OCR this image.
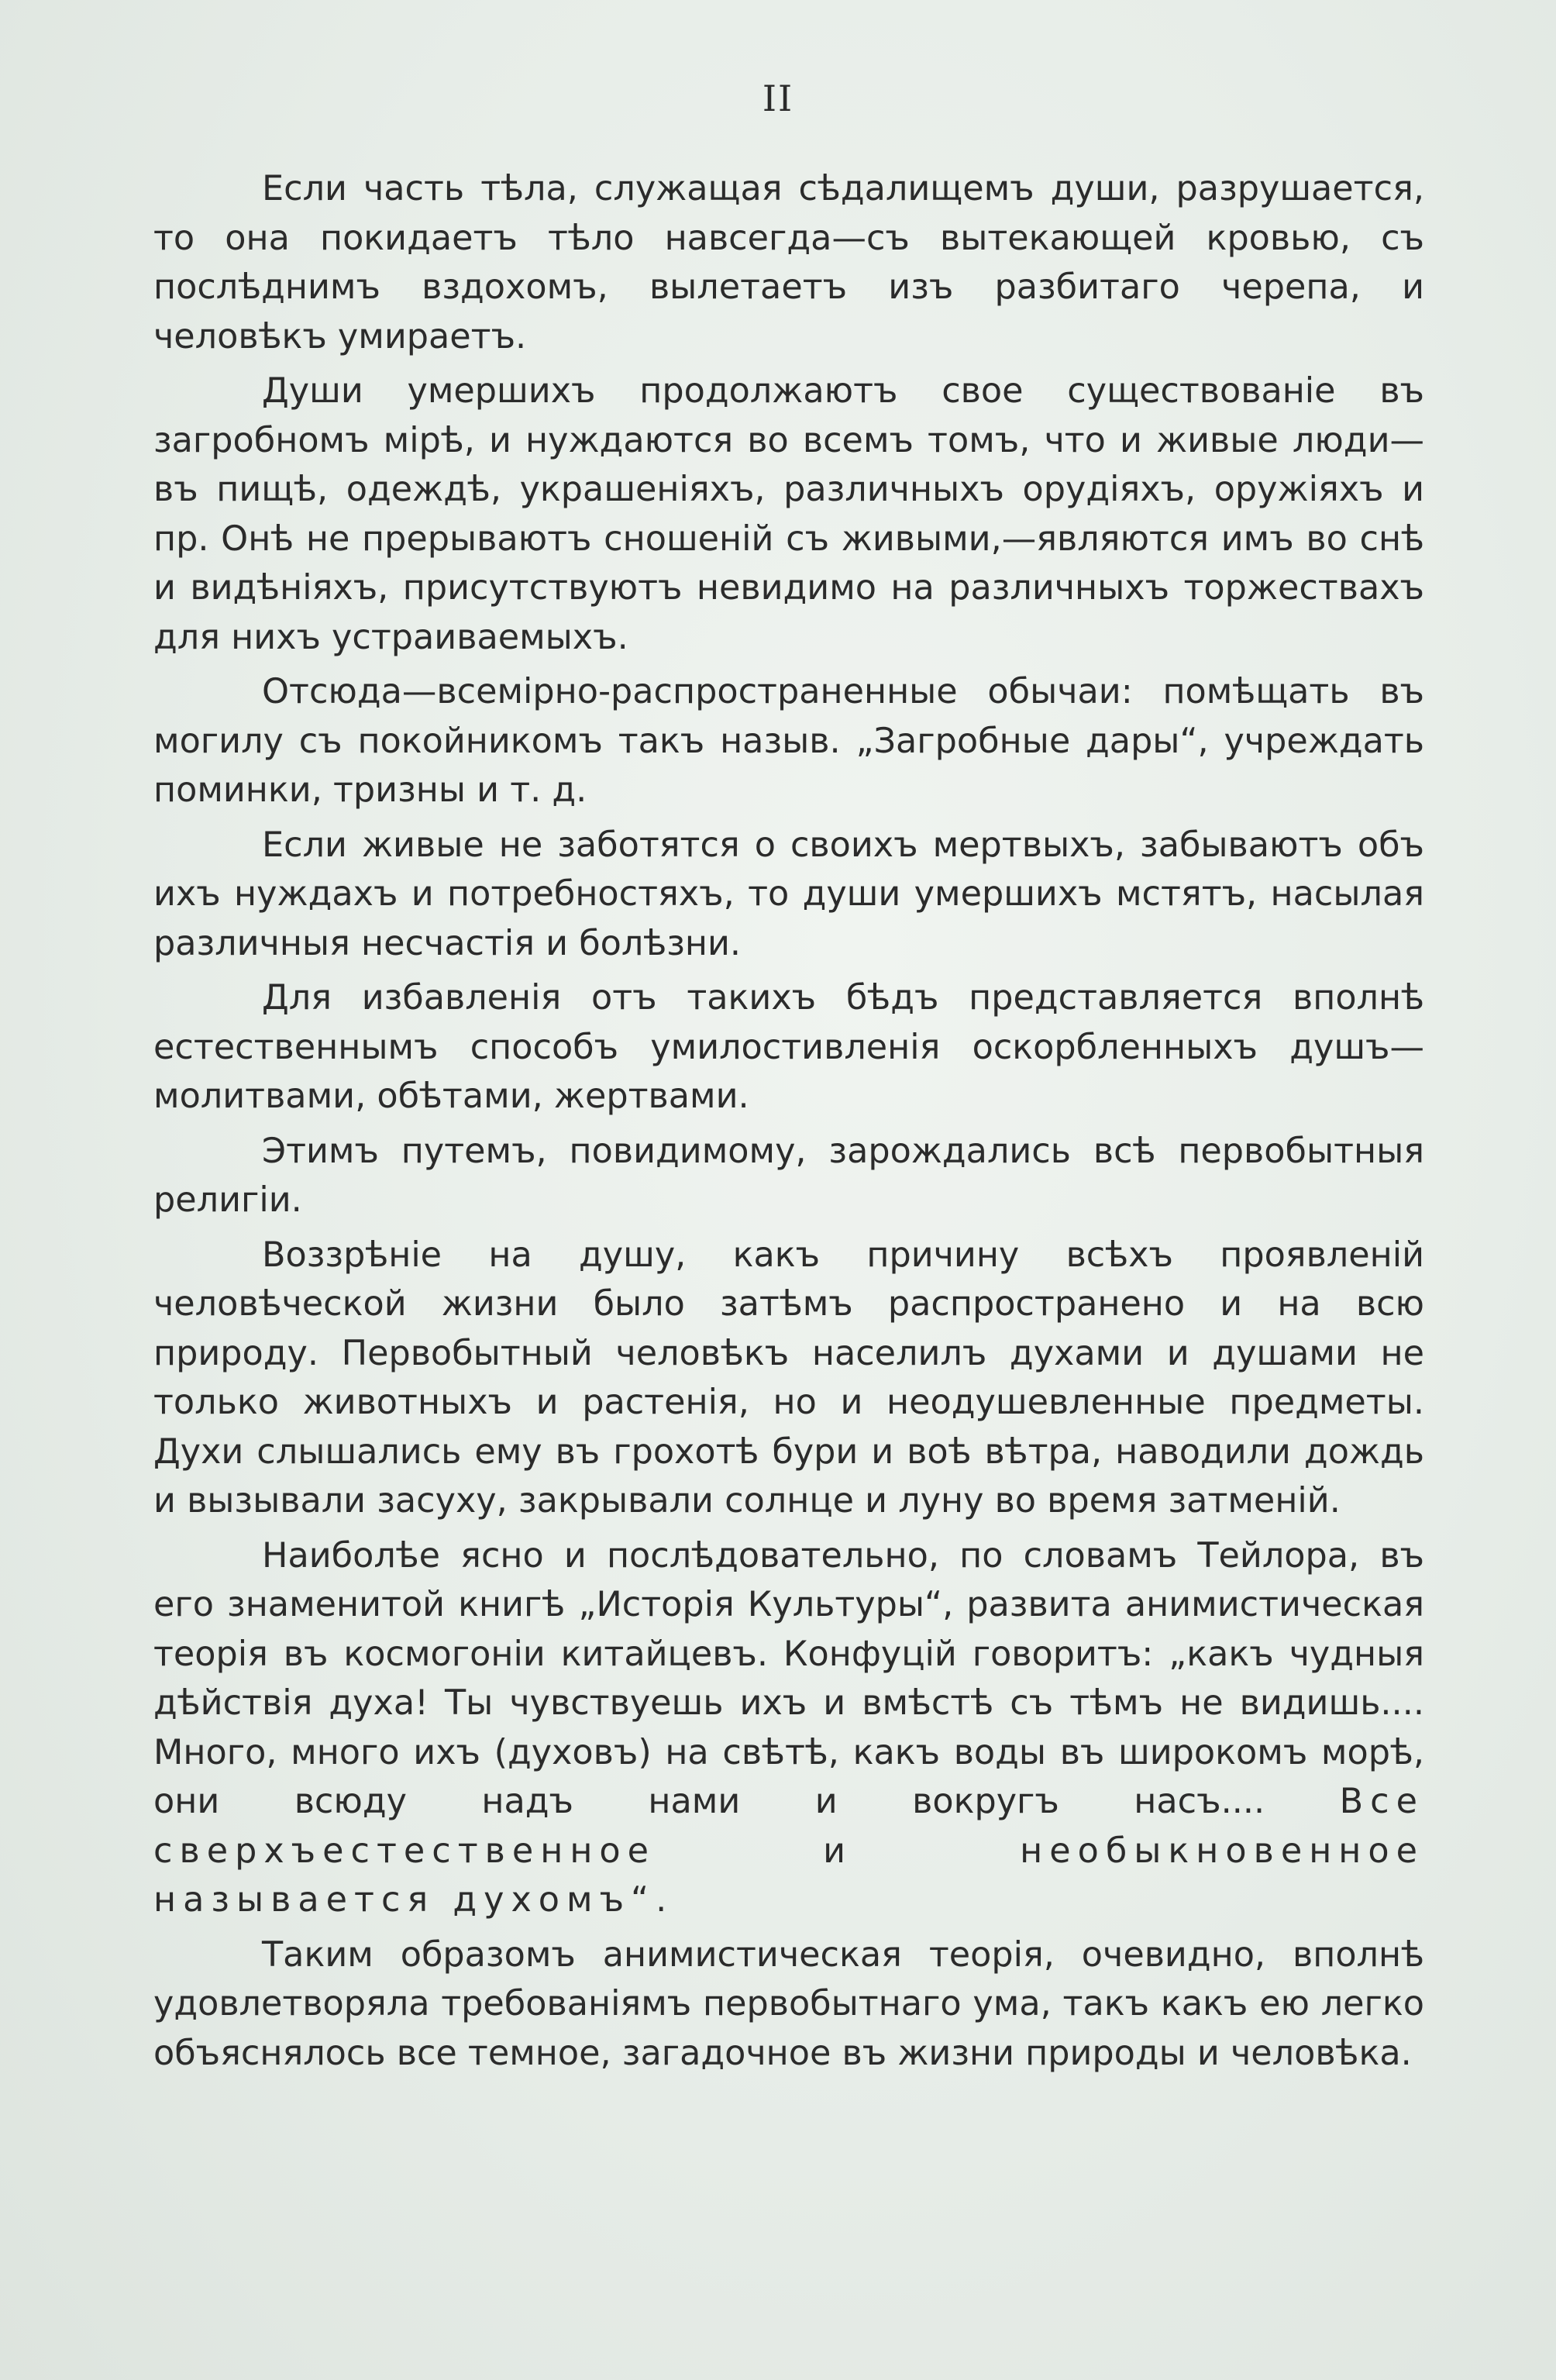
II

Если часть тѣла, служащая сѣдалищемъ души, разрушается, то она покидаетъ тѣло навсегда—съ вытекающей кровью, съ послѣднимъ вздохомъ, вылетаетъ изъ разбитаго черепа, и человѣкъ умираетъ.

Души умершихъ продолжаютъ свое существованіе въ загробномъ мірѣ, и нуждаются во всемъ томъ, что и живые люди—въ пищѣ, одеждѣ, украшеніяхъ, различныхъ орудіяхъ, оружіяхъ и пр. Онѣ не прерываютъ сношеній съ живыми,—являются имъ во снѣ и видѣніяхъ, присутствуютъ невидимо на различныхъ торжествахъ для нихъ устраиваемыхъ.

Отсюда—всемірно-распространенные обычаи: помѣщать въ могилу съ покойникомъ такъ назыв. „Загробные дары“, учреждать поминки, тризны и т. д.

Если живые не заботятся о своихъ мертвыхъ, забываютъ объ ихъ нуждахъ и потребностяхъ, то души умершихъ мстятъ, насылая различныя несчастія и болѣзни.

Для избавленія отъ такихъ бѣдъ представляется вполнѣ естественнымъ способъ умилостивленія оскорбленныхъ душъ— молитвами, обѣтами, жертвами.

Этимъ путемъ, повидимому, зарождались всѣ первобытныя религіи.

Воззрѣніе на душу, какъ причину всѣхъ проявленій человѣческой жизни было затѣмъ распространено и на всю природу. Первобытный человѣкъ населилъ духами и душами не только животныхъ и растенія, но и неодушевленные предметы. Духи слышались ему въ грохотѣ бури и воѣ вѣтра, наводили дождь и вызывали засуху, закрывали солнце и луну во время затменій.

Наиболѣе ясно и послѣдовательно, по словамъ Тейлора, въ его знаменитой книгѣ „Исторія Культуры“, развита анимистическая теорія въ космогоніи китайцевъ. Конфуцій говоритъ: „какъ чудныя дѣйствія духа! Ты чувствуешь ихъ и вмѣстѣ съ тѣмъ не видишь.... Много, много ихъ (духовъ) на свѣтѣ, какъ воды въ широкомъ морѣ, они всюду надъ нами и вокругъ насъ.... Все сверхъестественное и необыкновенное называется духомъ“.

Таким образомъ анимистическая теорія, очевидно, вполнѣ удовлетворяла требованіямъ первобытнаго ума, такъ какъ ею легко объяснялось все темное, загадочное въ жизни природы и человѣка.
